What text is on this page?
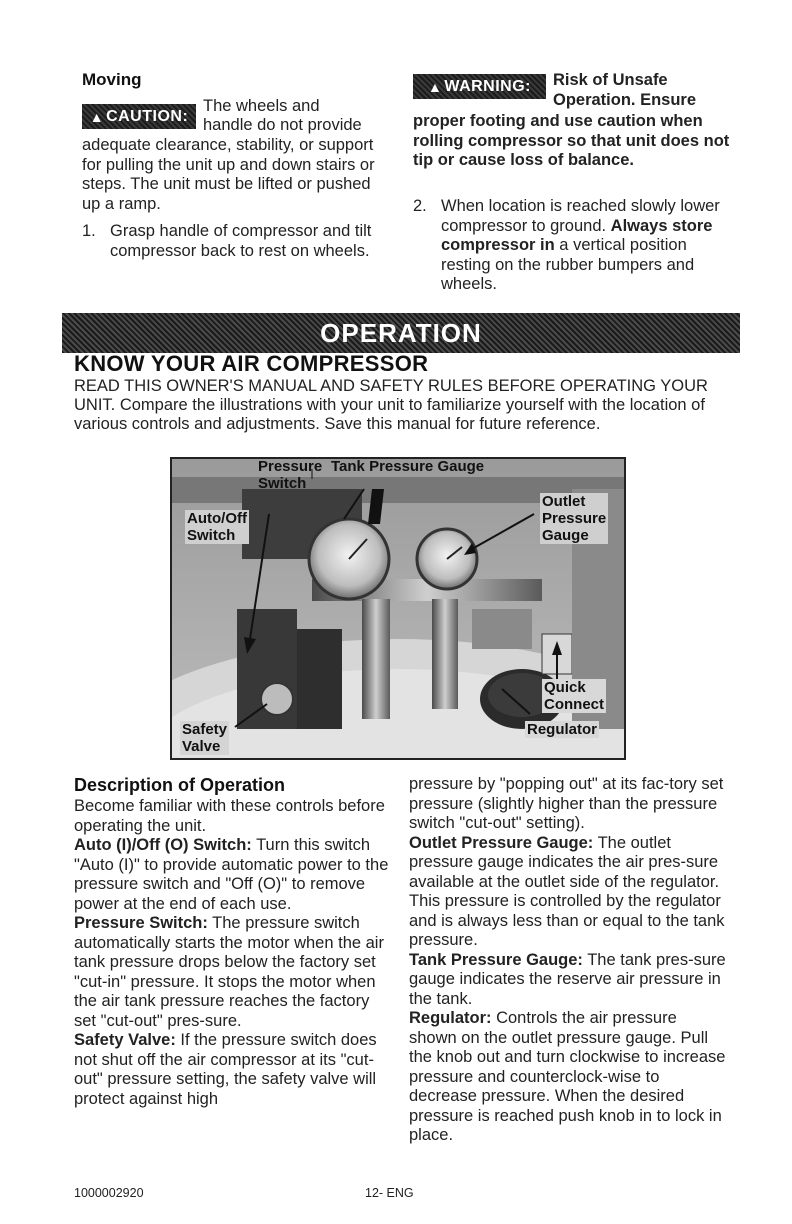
Moving
▲ CAUTION:
The wheels and
handle do not provide
adequate clearance, stability, or support for pulling the unit up and down stairs or steps. The unit must be lifted or pushed up a ramp.
1. Grasp handle of compressor and tilt compressor back to rest on wheels.
▲ WARNING: Risk of Unsafe
Operation. Ensure
proper footing and use caution when rolling compressor so that unit does not tip or cause loss of balance.
2. When location is reached slowly lower compressor to ground. Always store compressor in a vertical position resting on the rubber bumpers and wheels.
OPERATION
KNOW YOUR AIR COMPRESSOR
READ THIS OWNER'S MANUAL AND SAFETY RULES BEFORE OPERATING YOUR UNIT. Compare the illustrations with your unit to familiarize yourself with the location of various controls and adjustments. Save this manual for future reference.
Pressure
Switch
Tank Pressure Gauge
Auto/Off
Switch
Outlet
Pressure
Gauge
Quick
Connect
Regulator
Safety
Valve
Description of Operation

Become familiar with these controls before operating the unit.

Auto (I)/Off (O) Switch: Turn this switch "Auto (I)" to provide automatic power to the pressure switch and "Off (O)" to remove power at the end of each use.

Pressure Switch: The pressure switch automatically starts the motor when the air tank pressure drops below the factory set "cut-in" pressure. It stops the motor when the air tank pressure reaches the factory set "cut-out" pres-sure.

Safety Valve: If the pressure switch does not shut off the air compressor at its "cut-out" pressure setting, the safety valve will protect against high

pressure by "popping out" at its fac-tory set pressure (slightly higher than the pressure switch "cut-out" setting).

Outlet Pressure Gauge: The outlet pressure gauge indicates the air pres-sure available at the outlet side of the regulator. This pressure is controlled by the regulator and is always less than or equal to the tank pressure.

Tank Pressure Gauge: The tank pres-sure gauge indicates the reserve air pressure in the tank.

Regulator: Controls the air pressure shown on the outlet pressure gauge. Pull the knob out and turn clockwise to increase pressure and counterclock-wise to decrease pressure. When the desired pressure is reached push knob in to lock in place.

1000002920	12- ENG
